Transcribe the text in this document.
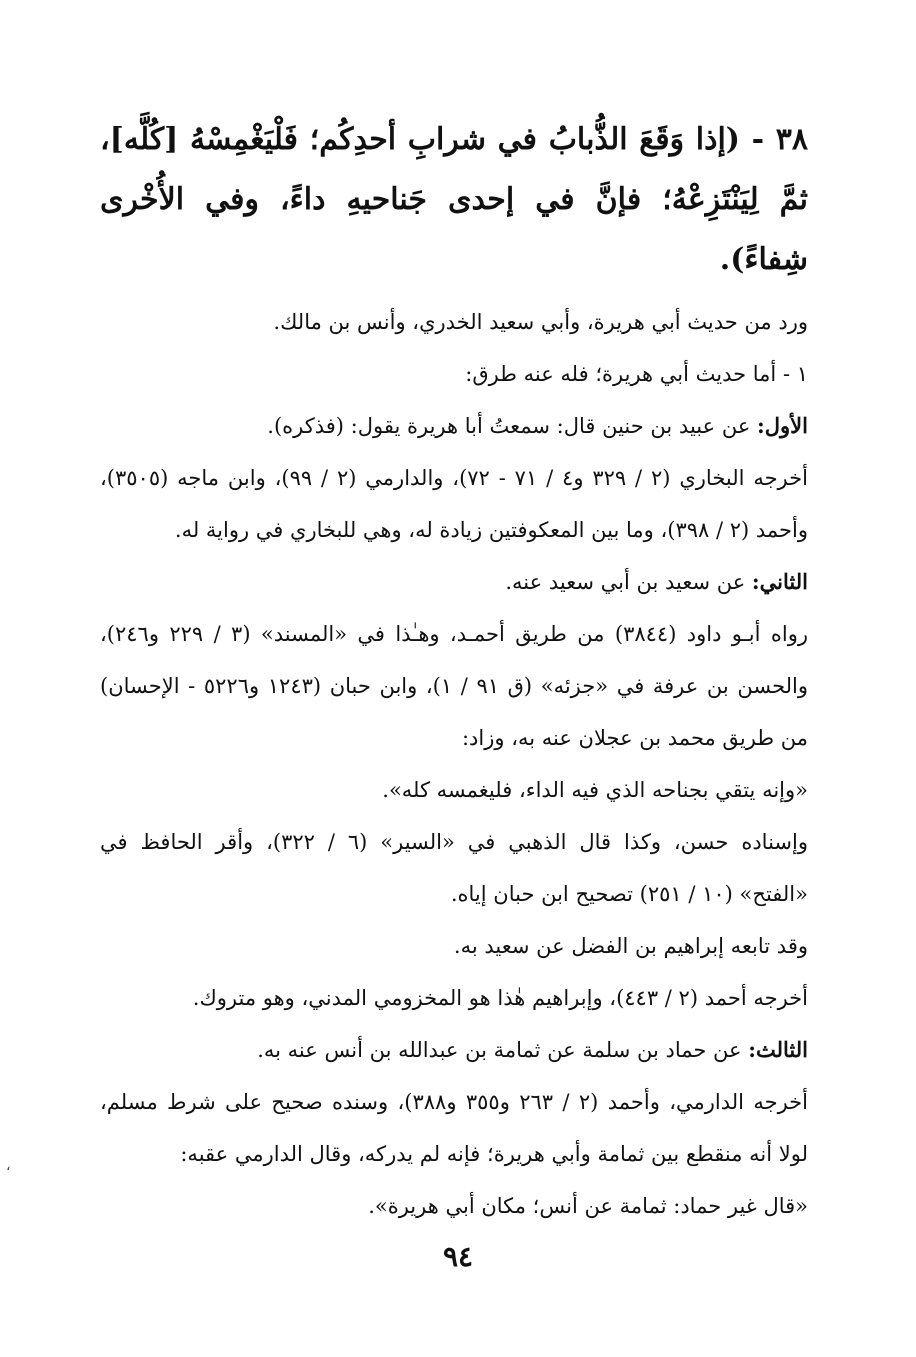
٣٨ - (إذا وَقَعَ الذُّبابُ في شرابِ أحدِكُم؛ فَلْيَغْمِسْهُ [كُلَّه]، ثمَّ لِيَنْتَزِعْهُ؛ فإنَّ في إحدى جَناحيهِ داءً، وفي الأُخْرى شِفاءً).

ورد من حديث أبي هريرة، وأبي سعيد الخدري، وأنس بن مالك.

١ - أما حديث أبي هريرة؛ فله عنه طرق:

الأول: عن عبيد بن حنين قال: سمعتُ أبا هريرة يقول: (فذكره).

أخرجه البخاري (٢ / ٣٢٩ و٤ / ٧١ - ٧٢)، والدارمي (٢ / ٩٩)، وابن ماجه (٣٥٠٥)، وأحمد (٢ / ٣٩٨)، وما بين المعكوفتين زيادة له، وهي للبخاري في رواية له.

الثاني: عن سعيد بن أبي سعيد عنه.

رواه أبـو داود (٣٨٤٤) من طريق أحمـد، وهـٰذا في «المسند» (٣ / ٢٢٩ و٢٤٦)، والحسن بن عرفة في «جزئه» (ق ٩١ / ١)، وابن حبان (١٢٤٣ و٥٢٢٦ - الإحسان) من طريق محمد بن عجلان عنه به، وزاد:

«وإنه يتقي بجناحه الذي فيه الداء، فليغمسه كله».

وإسناده حسن، وكذا قال الذهبي في «السير» (٦ / ٣٢٢)، وأقر الحافظ في «الفتح» (١٠ / ٢٥١) تصحيح ابن حبان إياه.

وقد تابعه إبراهيم بن الفضل عن سعيد به.

أخرجه أحمد (٢ / ٤٤٣)، وإبراهيم هٰذا هو المخزومي المدني، وهو متروك.

الثالث: عن حماد بن سلمة عن ثمامة بن عبدالله بن أنس عنه به.

أخرجه الدارمي، وأحمد (٢ / ٢٦٣ و٣٥٥ و٣٨٨)، وسنده صحيح على شرط مسلم، لولا أنه منقطع بين ثمامة وأبي هريرة؛ فإنه لم يدركه، وقال الدارمي عقبه:

«قال غير حماد: ثمامة عن أنس؛ مكان أبي هريرة».

،
٩٤
